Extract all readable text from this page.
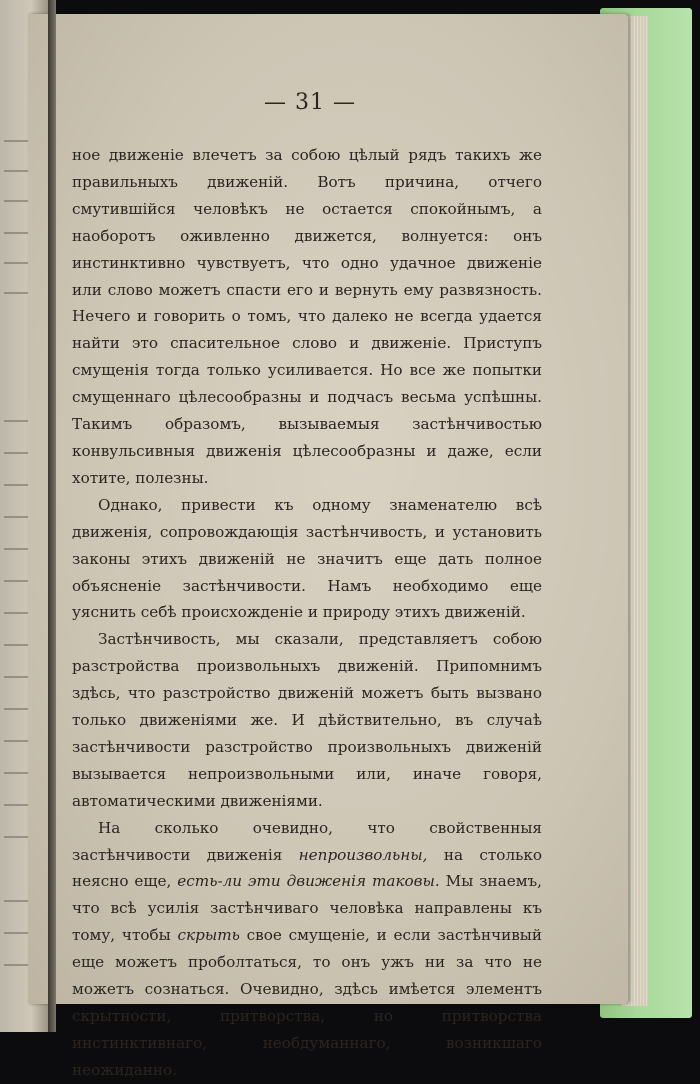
— 31 —

ное движеніе влечетъ за собою цѣлый рядъ такихъ же правильныхъ движеній. Вотъ причина, отчего смутившійся человѣкъ не остается спокойнымъ, а наоборотъ оживленно движется, волнуется: онъ инстинктивно чувствуетъ, что одно удачное движеніе или слово можетъ спасти его и вернуть ему развязность. Нечего и говорить о томъ, что далеко не всегда удается найти это спасительное слово и движеніе. Приступъ смущенія тогда только усиливается. Но все же попытки смущеннаго цѣлесообразны и подчасъ весьма успѣшны. Такимъ образомъ, вызываемыя застѣнчивостью конвульсивныя движенія цѣлесообразны и даже, если хотите, полезны.

Однако, привести къ одному знаменателю всѣ движенія, сопровождающія застѣнчивость, и установить законы этихъ движеній не значитъ еще дать полное объясненіе застѣнчивости. Намъ необходимо еще уяснить себѣ происхожденіе и природу этихъ движеній.

Застѣнчивость, мы сказали, представляетъ собою разстройства произвольныхъ движеній. Припомнимъ здѣсь, что разстройство движеній можетъ быть вызвано только движеніями же. И дѣйствительно, въ случаѣ застѣнчивости разстройство произвольныхъ движеній вызывается непроизвольными или, иначе говоря, автоматическими движеніями.

На сколько очевидно, что свойственныя застѣнчивости движенія непроизвольны, на столько неясно еще, есть-ли эти движенія таковы. Мы знаемъ, что всѣ усилія застѣнчиваго человѣка направлены къ тому, чтобы скрыть свое смущеніе, и если застѣнчивый еще можетъ проболтаться, то онъ ужъ ни за что не можетъ сознаться. Очевидно, здѣсь имѣется элементъ скрытности, притворства, но притворства инстинктивнаго, необдуманнаго, возникшаго неожиданно.
